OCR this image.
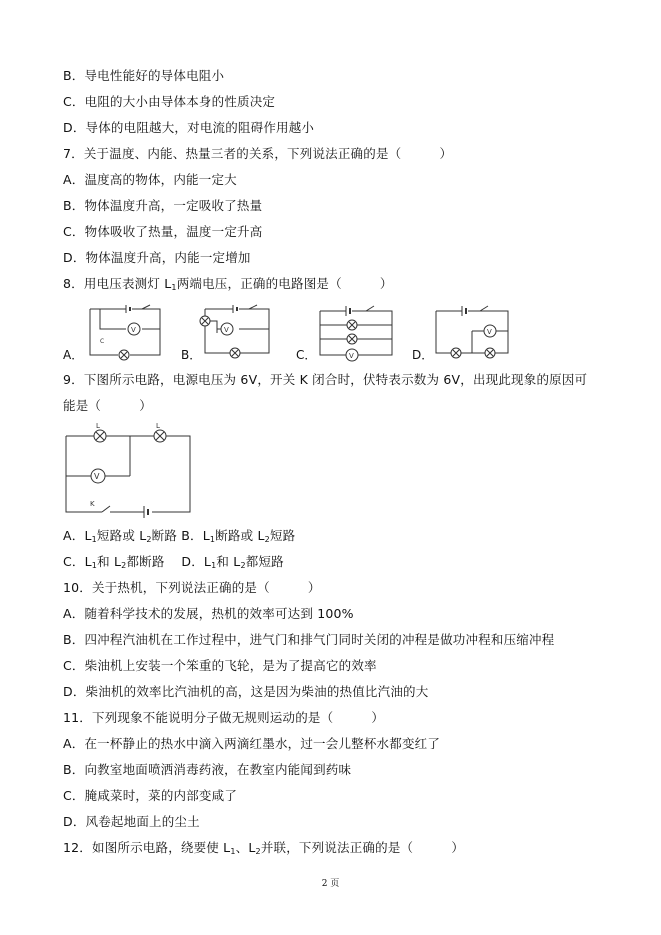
B．导电性能好的导体电阻小
C．电阻的大小由导体本身的性质决定
D．导体的电阻越大，对电流的阻碍作用越小
7．关于温度、内能、热量三者的关系，下列说法正确的是（　　　）
A．温度高的物体，内能一定大
B．物体温度升高，一定吸收了热量
C．物体吸收了热量，温度一定升高
D．物体温度升高，内能一定增加
8．用电压表测灯 $L_1$两端电压，正确的电路图是（　　　）
A．	B．	C．	D．
V
C
V
V
V
9．下图所示电路，电源电压为 6V，开关 K 闭合时，伏特表示数为 6V，出现此现象的原因可
能是（　　　）
V
L	L
K
A．$L_1$短路或 $L_2$断路 B．$L_1$断路或 $L_2$短路
C．$L_1$和 $L_2$都断路　 D．$L_1$和 $L_2$都短路
10．关于热机，下列说法正确的是（　　　）
A．随着科学技术的发展，热机的效率可达到 100%
B．四冲程汽油机在工作过程中，进气门和排气门同时关闭的冲程是做功冲程和压缩冲程
C．柴油机上安装一个笨重的飞轮，是为了提高它的效率
D．柴油机的效率比汽油机的高，这是因为柴油的热值比汽油的大
11．下列现象不能说明分子做无规则运动的是（　　　）
A．在一杯静止的热水中滴入两滴红墨水，过一会儿整杯水都变红了
B．向教室地面喷洒消毒药液，在教室内能闻到药味
C．腌咸菜时，菜的内部变咸了
D．风卷起地面上的尘土
12．如图所示电路，绕要使 $L_1$、$L_2$并联，下列说法正确的是（　　　）
2 页
